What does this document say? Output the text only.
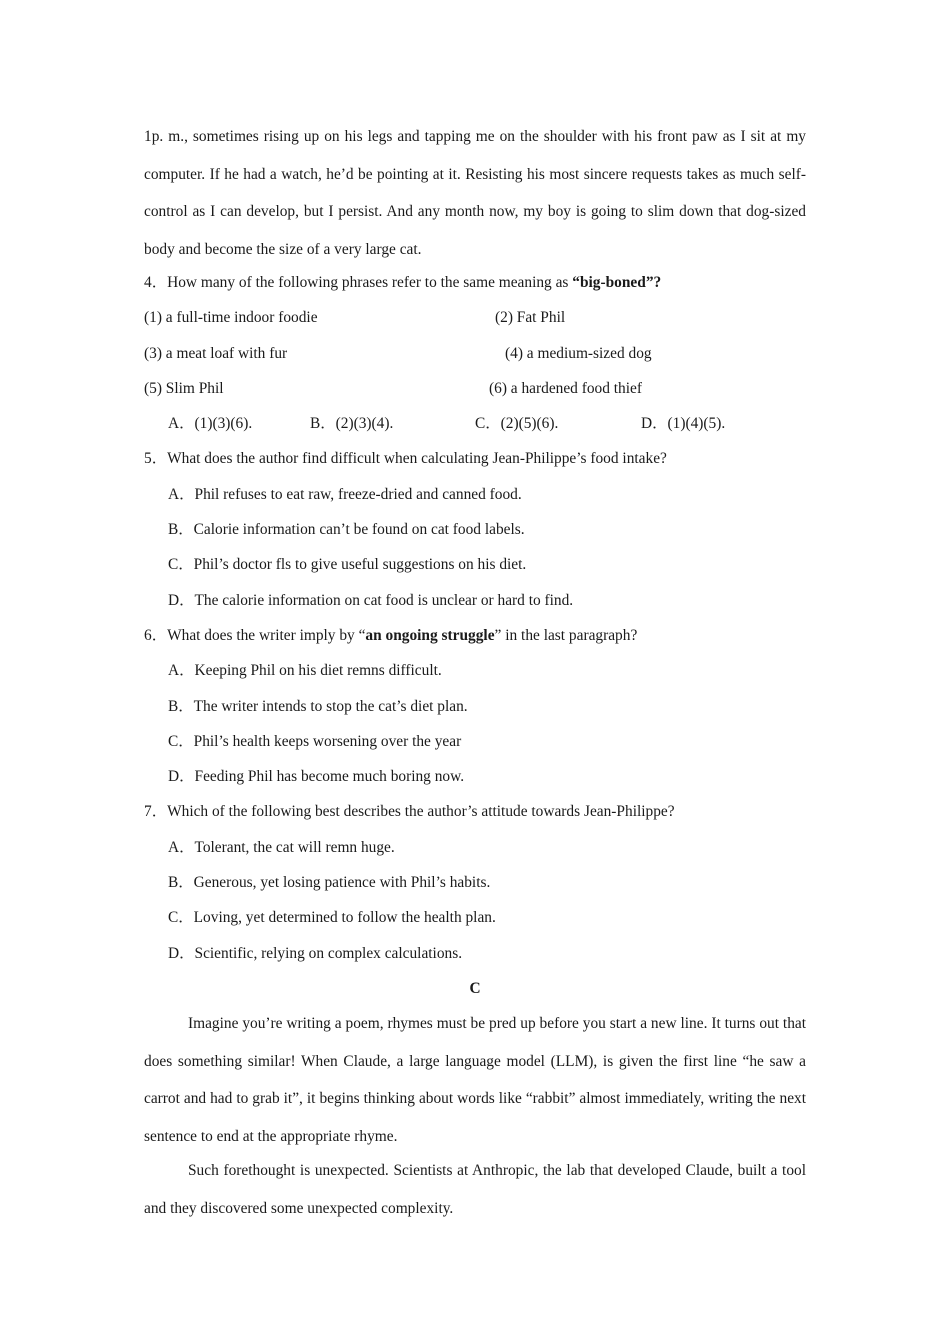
1p. m., sometimes rising up on his legs and tapping me on the shoulder with his front paw as I sit at my computer. If he had a watch, he’d be pointing at it. Resisting his most sincere requests takes as much self-control as I can develop, but I persist. And any month now, my boy is going to slim down that dog-sized body and become the size of a very large cat.

4．How many of the following phrases refer to the same meaning as “big-boned”?
(1) a full-time indoor foodie	(2) Fat Phil
(3) a meat loaf with fur	(4) a medium-sized dog
(5) Slim Phil	(6) a hardened food thief
A．(1)(3)(6).	B．(2)(3)(4).	C．(2)(5)(6).	D．(1)(4)(5).
5．What does the author find difficult when calculating Jean-Philippe’s food intake?
A．Phil refuses to eat raw, freeze-dried and canned food.
B．Calorie information can’t be found on cat food labels.
C．Phil’s doctor fls to give useful suggestions on his diet.
D．The calorie information on cat food is unclear or hard to find.
6．What does the writer imply by “an ongoing struggle” in the last paragraph?
A．Keeping Phil on his diet remns difficult.
B．The writer intends to stop the cat’s diet plan.
C．Phil’s health keeps worsening over the year
D．Feeding Phil has become much boring now.
7．Which of the following best describes the author’s attitude towards Jean-Philippe?
A．Tolerant, the cat will remn huge.
B．Generous, yet losing patience with Phil’s habits.
C．Loving, yet determined to follow the health plan.
D．Scientific, relying on complex calculations.
C

Imagine you’re writing a poem, rhymes must be pred up before you start a new line. It turns out that does something similar! When Claude, a large language model (LLM), is given the first line “he saw a carrot and had to grab it”, it begins thinking about words like “rabbit” almost immediately, writing the next sentence to end at the appropriate rhyme.

Such forethought is unexpected. Scientists at Anthropic, the lab that developed Claude, built a tool and they discovered some unexpected complexity.
